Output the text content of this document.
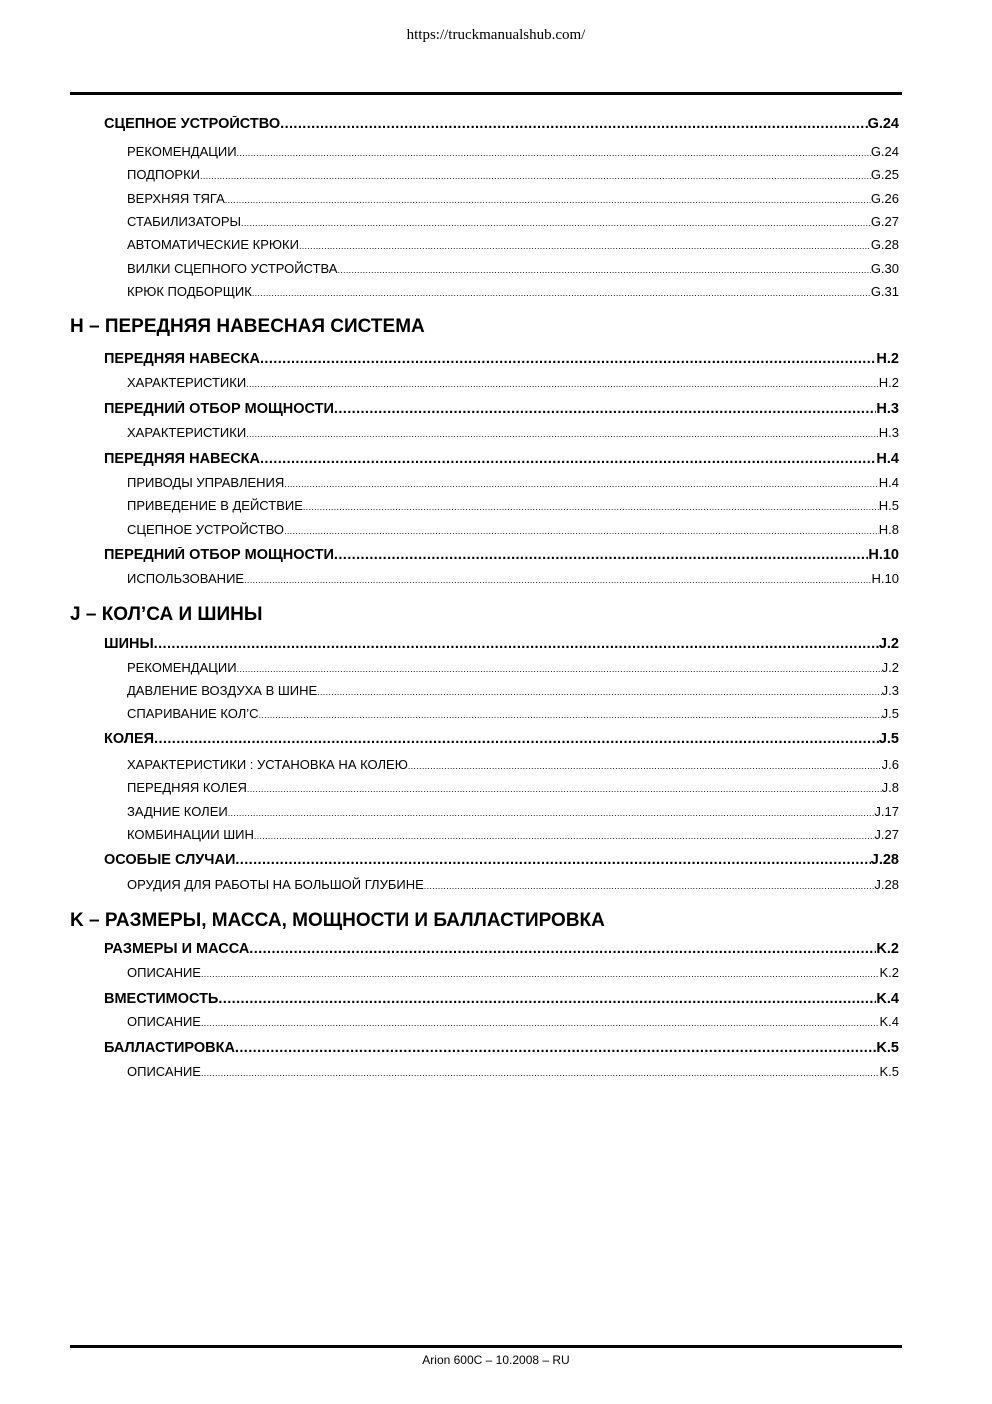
https://truckmanualshub.com/
СЦЕПНОЕ УСТРОЙСТВО .....	G.24
РЕКОМЕНДАЦИИ .....	G.24
ПОДПОРКИ .....	G.25
ВЕРХНЯЯ ТЯГА .....	G.26
СТАБИЛИЗАТОРЫ .....	G.27
АВТОМАТИЧЕСКИЕ КРЮКИ .....	G.28
ВИЛКИ СЦЕПНОГО УСТРОЙСТВА .....	G.30
КРЮК ПОДБОРЩИК .....	G.31
H – ПЕРЕДНЯЯ НАВЕСНАЯ СИСТЕМА
ПЕРЕДНЯЯ НАВЕСКА .....	H.2
ХАРАКТЕРИСТИКИ .....	H.2
ПЕРЕДНИЙ ОТБОР МОЩНОСТИ .....	H.3
ХАРАКТЕРИСТИКИ .....	H.3
ПЕРЕДНЯЯ НАВЕСКА .....	H.4
ПРИВОДЫ УПРАВЛЕНИЯ .....	H.4
ПРИВЕДЕНИЕ В ДЕЙСТВИЕ .....	H.5
СЦЕПНОЕ УСТРОЙСТВО .....	H.8
ПЕРЕДНИЙ ОТБОР МОЩНОСТИ .....	H.10
ИСПОЛЬЗОВАНИЕ .....	H.10
J – КОЛ’СА И ШИНЫ
ШИНЫ .....	J.2
РЕКОМЕНДАЦИИ .....	J.2
ДАВЛЕНИЕ ВОЗДУХА В ШИНЕ .....	J.3
СПАРИВАНИЕ КОЛ’С .....	J.5
КОЛЕЯ .....	J.5
ХАРАКТЕРИСТИКИ : УСТАНОВКА НА КОЛЕЮ .....	J.6
ПЕРЕДНЯЯ КОЛЕЯ .....	J.8
ЗАДНИЕ КОЛЕИ .....	J.17
КОМБИНАЦИИ ШИН .....	J.27
ОСОБЫЕ СЛУЧАИ .....	J.28
ОРУДИЯ ДЛЯ РАБОТЫ НА БОЛЬШОЙ ГЛУБИНЕ .....	J.28
K – РАЗМЕРЫ, МАССА, МОЩНОСТИ И БАЛЛАСТИРОВКА
РАЗМЕРЫ И МАССА .....	K.2
ОПИСАНИЕ .....	K.2
ВМЕСТИМОСТЬ .....	K.4
ОПИСАНИЕ .....	K.4
БАЛЛАСТИРОВКА .....	K.5
ОПИСАНИЕ .....	K.5
Arion 600C – 10.2008 – RU
